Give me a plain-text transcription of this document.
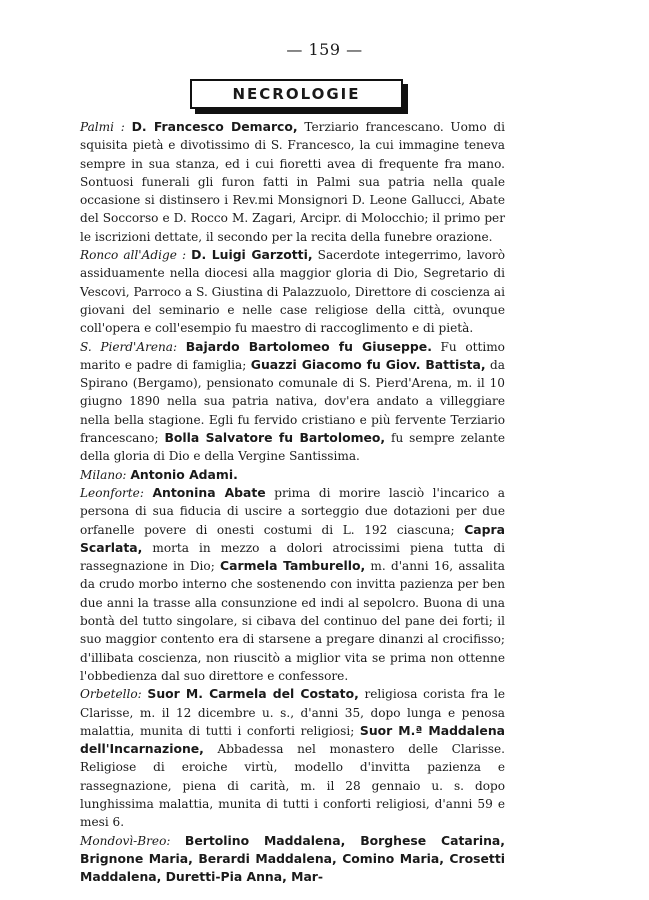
— 159 —
NECROLOGIE

Palmi : D. Francesco Demarco, Terziario francescano. Uomo di squisita pietà e divotissimo di S. Francesco, la cui immagine teneva sempre in sua stanza, ed i cui fioretti avea di frequente fra mano. Sontuosi funerali gli furon fatti in Palmi sua patria nella quale occasione si distinsero i Rev.mi Monsignori D. Leone Gallucci, Abate del Soccorso e D. Rocco M. Zagari, Arcipr. di Molocchio; il primo per le iscrizioni dettate, il secondo per la recita della funebre orazione.

Ronco all'Adige : D. Luigi Garzotti, Sacerdote integerrimo, lavorò assiduamente nella diocesi alla maggior gloria di Dio, Segretario di Vescovi, Parroco a S. Giustina di Palazzuolo, Direttore di coscienza ai giovani del seminario e nelle case religiose della città, ovunque coll'opera e coll'esempio fu maestro di raccoglimento e di pietà.

S. Pierd'Arena: Bajardo Bartolomeo fu Giuseppe. Fu ottimo marito e padre di famiglia; Guazzi Giacomo fu Giov. Battista, da Spirano (Bergamo), pensionato comunale di S. Pierd'Arena, m. il 10 giugno 1890 nella sua patria nativa, dov'era andato a villeggiare nella bella stagione. Egli fu fervido cristiano e più fervente Terziario francescano; Bolla Salvatore fu Bartolomeo, fu sempre zelante della gloria di Dio e della Vergine Santissima.

Milano: Antonio Adami.

Leonforte: Antonina Abate prima di morire lasciò l'incarico a persona di sua fiducia di uscire a sorteggio due dotazioni per due orfanelle povere di onesti costumi di L. 192 ciascuna; Capra Scarlata, morta in mezzo a dolori atrocissimi piena tutta di rassegnazione in Dio; Carmela Tamburello, m. d'anni 16, assalita da crudo morbo interno che sostenendo con invitta pazienza per ben due anni la trasse alla consunzione ed indi al sepolcro. Buona di una bontà del tutto singolare, si cibava del continuo del pane dei forti; il suo maggior contento era di starsene a pregare dinanzi al crocifisso; d'illibata coscienza, non riuscitò a miglior vita se prima non ottenne l'obbedienza dal suo direttore e confessore.

Orbetello: Suor M. Carmela del Costato, religiosa corista fra le Clarisse, m. il 12 dicembre u. s., d'anni 35, dopo lunga e penosa malattia, munita di tutti i conforti religiosi; Suor M.ª Maddalena dell'Incarnazione, Abbadessa nel monastero delle Clarisse. Religiose di eroiche virtù, modello d'invitta pazienza e rassegnazione, piena di carità, m. il 28 gennaio u. s. dopo lunghissima malattia, munita di tutti i conforti religiosi, d'anni 59 e mesi 6.

Mondovì-Breo: Bertolino Maddalena, Borghese Catarina, Brignone Maria, Berardi Maddalena, Comino Maria, Crosetti Maddalena, Duretti-Pia Anna, Mar-
